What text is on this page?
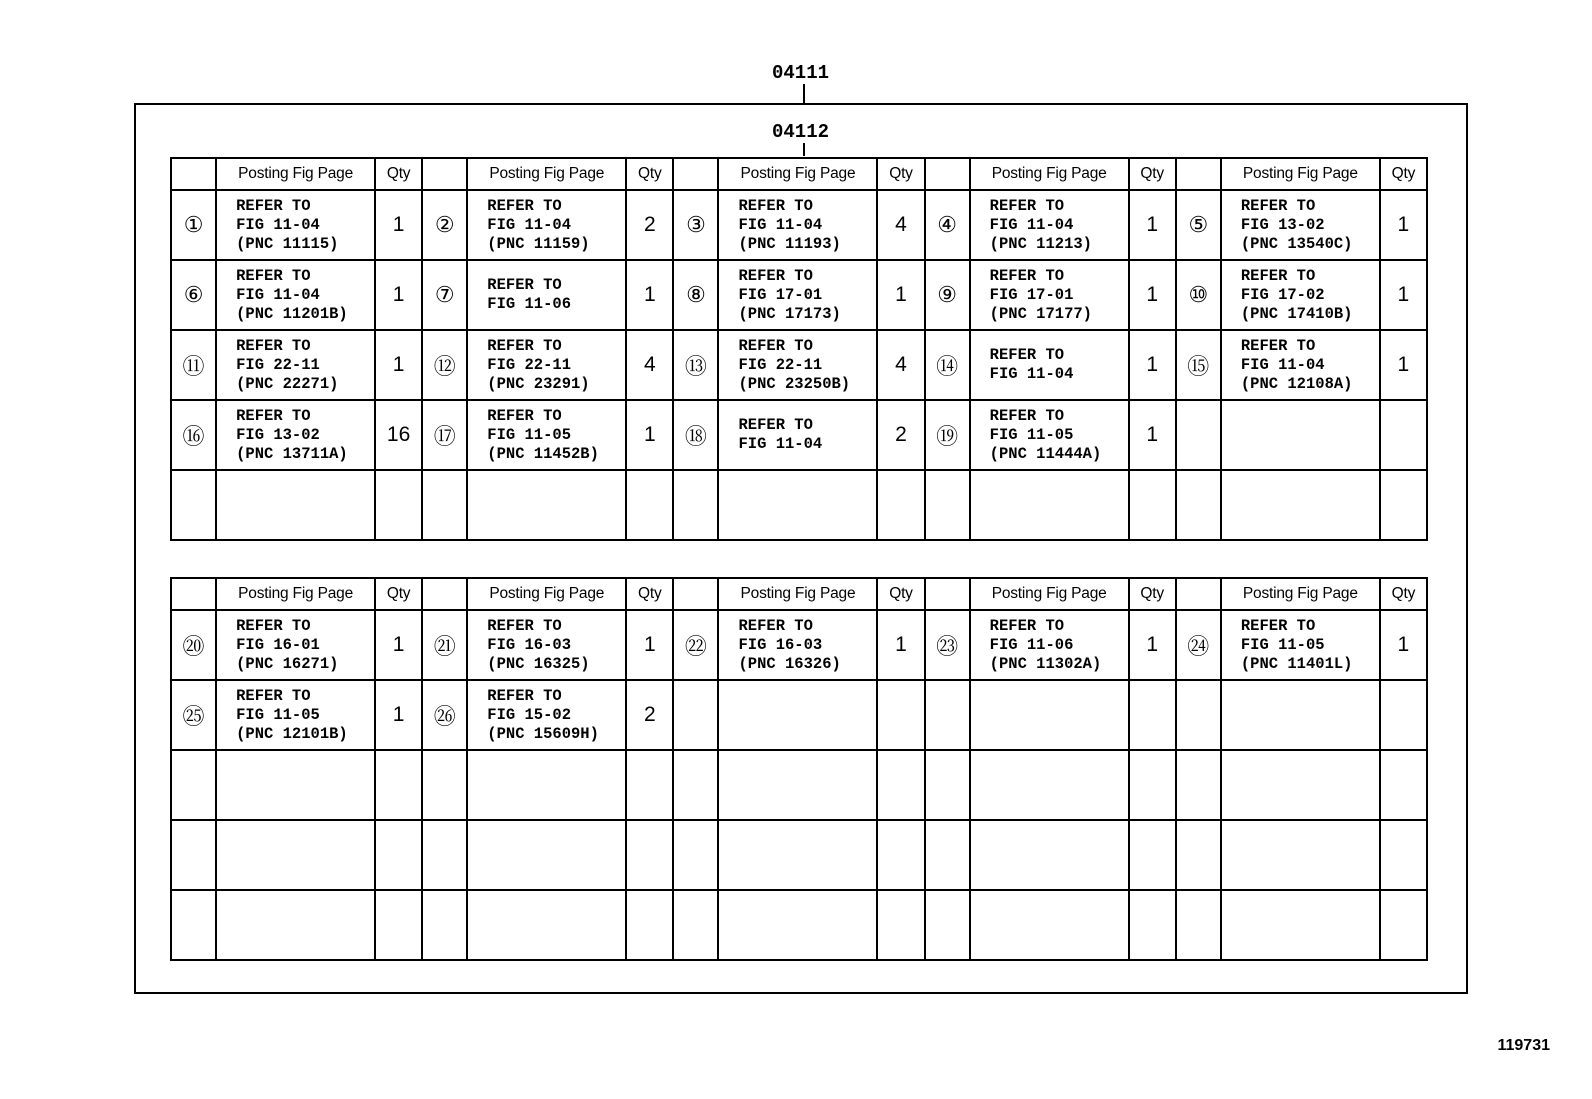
04111
04112
	Posting Fig Page	Qty		Posting Fig Page	Qty		Posting Fig Page	Qty		Posting Fig Page	Qty		Posting Fig Page	Qty
①	REFER TO
FIG 11-04
(PNC 11115)	1	②	REFER TO
FIG 11-04
(PNC 11159)	2	③	REFER TO
FIG 11-04
(PNC 11193)	4	④	REFER TO
FIG 11-04
(PNC 11213)	1	⑤	REFER TO
FIG 13-02
(PNC 13540C)	1
⑥	REFER TO
FIG 11-04
(PNC 11201B)	1	⑦	REFER TO
FIG 11-06	1	⑧	REFER TO
FIG 17-01
(PNC 17173)	1	⑨	REFER TO
FIG 17-01
(PNC 17177)	1	⑩	REFER TO
FIG 17-02
(PNC 17410B)	1
⑪	REFER TO
FIG 22-11
(PNC 22271)	1	⑫	REFER TO
FIG 22-11
(PNC 23291)	4	⑬	REFER TO
FIG 22-11
(PNC 23250B)	4	⑭	REFER TO
FIG 11-04	1	⑮	REFER TO
FIG 11-04
(PNC 12108A)	1
⑯	REFER TO
FIG 13-02
(PNC 13711A)	16	⑰	REFER TO
FIG 11-05
(PNC 11452B)	1	⑱	REFER TO
FIG 11-04	2	⑲	REFER TO
FIG 11-05
(PNC 11444A)	1			

	Posting Fig Page	Qty		Posting Fig Page	Qty		Posting Fig Page	Qty		Posting Fig Page	Qty		Posting Fig Page	Qty
⑳	REFER TO
FIG 16-01
(PNC 16271)	1	㉑	REFER TO
FIG 16-03
(PNC 16325)	1	㉒	REFER TO
FIG 16-03
(PNC 16326)	1	㉓	REFER TO
FIG 11-06
(PNC 11302A)	1	㉔	REFER TO
FIG 11-05
(PNC 11401L)	1
㉕	REFER TO
FIG 11-05
(PNC 12101B)	1	㉖	REFER TO
FIG 15-02
(PNC 15609H)	2									

119731
